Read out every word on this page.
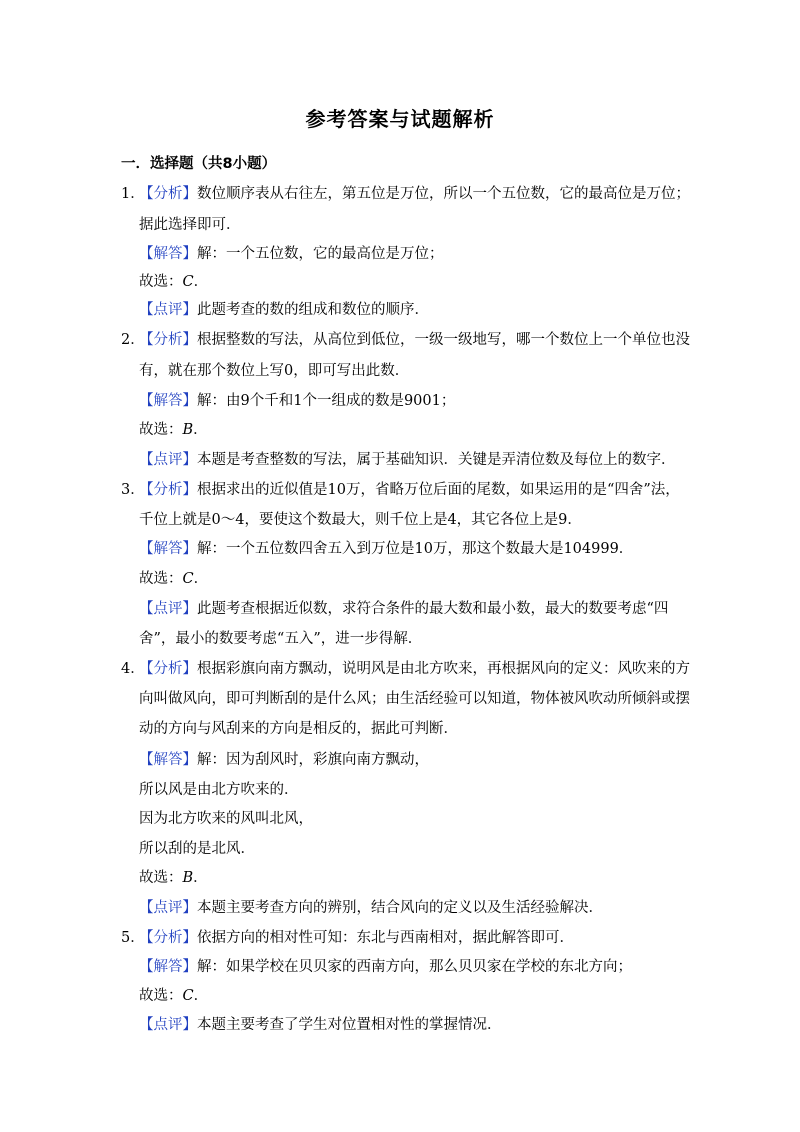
参考答案与试题解析
一．选择题（共8小题）
1．
【分析】数位顺序表从右往左，第五位是万位，所以一个五位数，它的最高位是万位；
据此选择即可．
【解答】解：一个五位数，它的最高位是万位；
故选：C．
【点评】此题考查的数的组成和数位的顺序．
2．
【分析】根据整数的写法，从高位到低位，一级一级地写，哪一个数位上一个单位也没
有，就在那个数位上写0，即可写出此数．
【解答】解：由9个千和1个一组成的数是9001；
故选：B．
【点评】本题是考查整数的写法，属于基础知识．关键是弄清位数及每位上的数字．
3．
【分析】根据求出的近似值是10万，省略万位后面的尾数，如果运用的是“四舍”法，
千位上就是0～4，要使这个数最大，则千位上是4，其它各位上是9．
【解答】解：一个五位数四舍五入到万位是10万，那这个数最大是104999．
故选：C．
【点评】此题考查根据近似数，求符合条件的最大数和最小数，最大的数要考虑“四
舍”，最小的数要考虑“五入”，进一步得解．
4．
【分析】根据彩旗向南方飘动，说明风是由北方吹来，再根据风向的定义：风吹来的方
向叫做风向，即可判断刮的是什么风；由生活经验可以知道，物体被风吹动所倾斜或摆
动的方向与风刮来的方向是相反的，据此可判断．
【解答】解：因为刮风时，彩旗向南方飘动，
所以风是由北方吹来的．
因为北方吹来的风叫北风，
所以刮的是北风．
故选：B．
【点评】本题主要考查方向的辨别，结合风向的定义以及生活经验解决．
5．
【分析】依据方向的相对性可知：东北与西南相对，据此解答即可．
【解答】解：如果学校在贝贝家的西南方向，那么贝贝家在学校的东北方向；
故选：C．
【点评】本题主要考查了学生对位置相对性的掌握情况．
